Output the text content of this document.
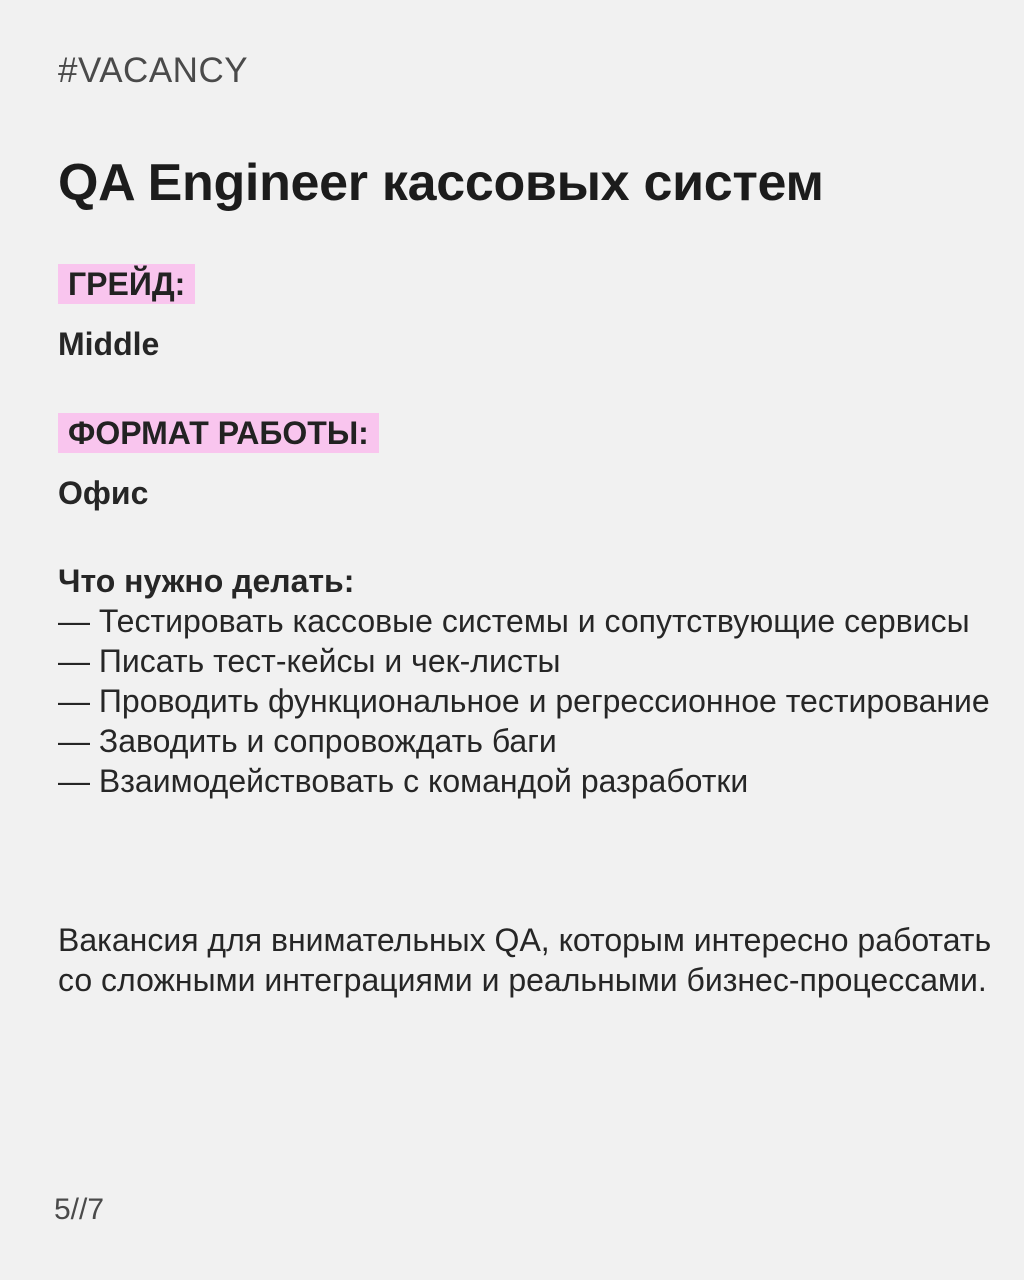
#VACANCY
QA Engineer кассовых систем
ГРЕЙД:
Middle
ФОРМАТ РАБОТЫ:
Офис
Что нужно делать:
— Тестировать кассовые системы и сопутствующие сервисы
— Писать тест-кейсы и чек-листы
— Проводить функциональное и регрессионное тестирование
— Заводить и сопровождать баги
— Взаимодействовать с командой разработки

Вакансия для внимательных QA, которым интересно работать со сложными интеграциями и реальными бизнес-процессами.

5//7
